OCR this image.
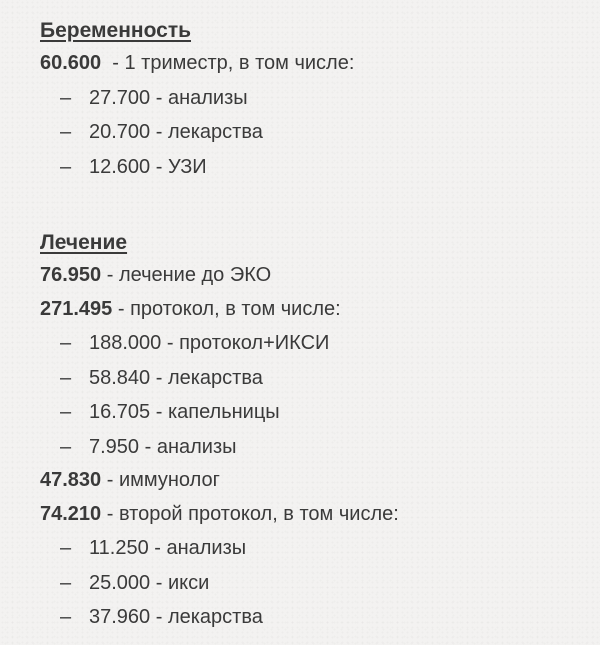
Беременность
60.600  - 1 триместр, в том числе:
– 27.700 - анализы
– 20.700 - лекарства
– 12.600 - УЗИ
Лечение
76.950 - лечение до ЭКО
271.495 - протокол, в том числе:
– 188.000 - протокол+ИКСИ
– 58.840 - лекарства
– 16.705 - капельницы
– 7.950 - анализы
47.830 - иммунолог
74.210 - второй протокол, в том числе:
– 11.250 - анализы
– 25.000 - икси
– 37.960 - лекарства
